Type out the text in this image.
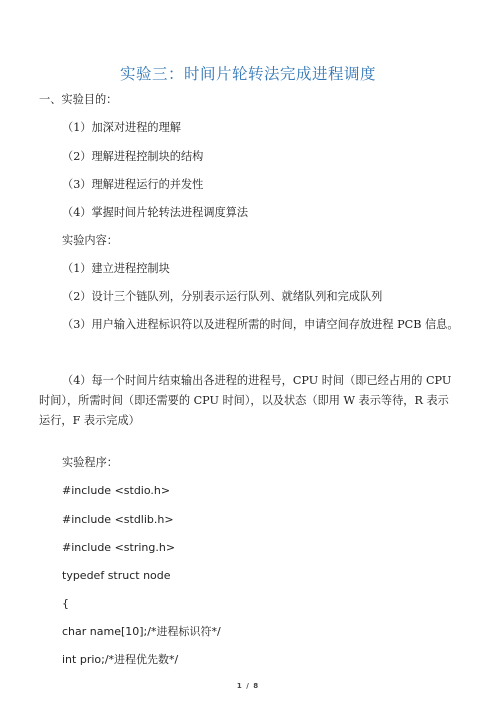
实验三：时间片轮转法完成进程调度
一、实验目的：
（1）加深对进程的理解
（2）理解进程控制块的结构
（3）理解进程运行的并发性
（4）掌握时间片轮转法进程调度算法
实验内容：
（1）建立进程控制块
（2）设计三个链队列，分别表示运行队列、就绪队列和完成队列
（3）用户输入进程标识符以及进程所需的时间，申请空间存放进程 PCB 信息。
（4）每一个时间片结束输出各进程的进程号，CPU 时间（即已经占用的 CPU 时间），所需时间（即还需要的 CPU 时间），以及状态（即用 W 表示等待，R 表示运行，F 表示完成）
实验程序：
#include <stdio.h>
#include <stdlib.h>
#include <string.h>
typedef struct node
{
char name[10];/*进程标识符*/
int prio;/*进程优先数*/
1 / 8
